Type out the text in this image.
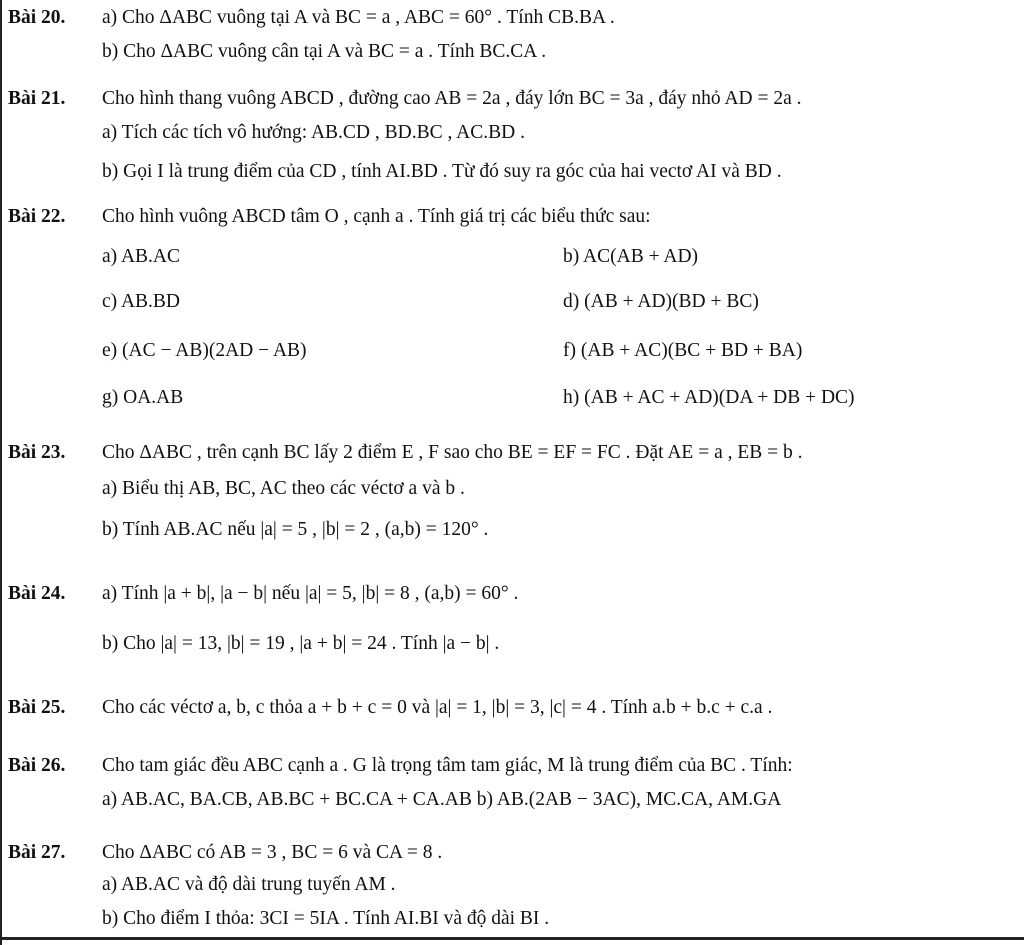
Bài 20. a) Cho ΔABC vuông tại A và BC = a , ABC = 60° . Tính CB.BA .
b) Cho ΔABC vuông cân tại A và BC = a . Tính BC.CA .
Bài 21. Cho hình thang vuông ABCD , đường cao AB = 2a , đáy lớn BC = 3a , đáy nhỏ AD = 2a .
a) Tích các tích vô hướng: AB.CD , BD.BC , AC.BD .
b) Gọi I là trung điểm của CD , tính AI.BD . Từ đó suy ra góc của hai vectơ AI và BD .
Bài 22. Cho hình vuông ABCD tâm O , cạnh a . Tính giá trị các biểu thức sau:
a) AB.AC	b) AC(AB + AD)
c) AB.BD	d) (AB + AD)(BD + BC)
e) (AC − AB)(2AD − AB)	f) (AB + AC)(BC + BD + BA)
g) OA.AB	h) (AB + AC + AD)(DA + DB + DC)
Bài 23. Cho ΔABC , trên cạnh BC lấy 2 điểm E , F sao cho BE = EF = FC . Đặt AE = a , EB = b .
a) Biểu thị AB, BC, AC theo các véctơ a và b .
b) Tính AB.AC nếu |a| = 5 , |b| = 2 , (a,b) = 120° .
Bài 24. a) Tính |a + b|, |a − b| nếu |a| = 5, |b| = 8 , (a,b) = 60° .
b) Cho |a| = 13, |b| = 19 , |a + b| = 24 . Tính |a − b| .
Bài 25. Cho các véctơ a, b, c thỏa a + b + c = 0 và |a| = 1, |b| = 3, |c| = 4 . Tính a.b + b.c + c.a .
Bài 26. Cho tam giác đều ABC cạnh a . G là trọng tâm tam giác, M là trung điểm của BC . Tính:
a) AB.AC, BA.CB, AB.BC + BC.CA + CA.AB b) AB.(2AB − 3AC), MC.CA, AM.GA
Bài 27. Cho ΔABC có AB = 3 , BC = 6 và CA = 8 .
a) AB.AC và độ dài trung tuyến AM .
b) Cho điểm I thỏa: 3CI = 5IA . Tính AI.BI và độ dài BI .
